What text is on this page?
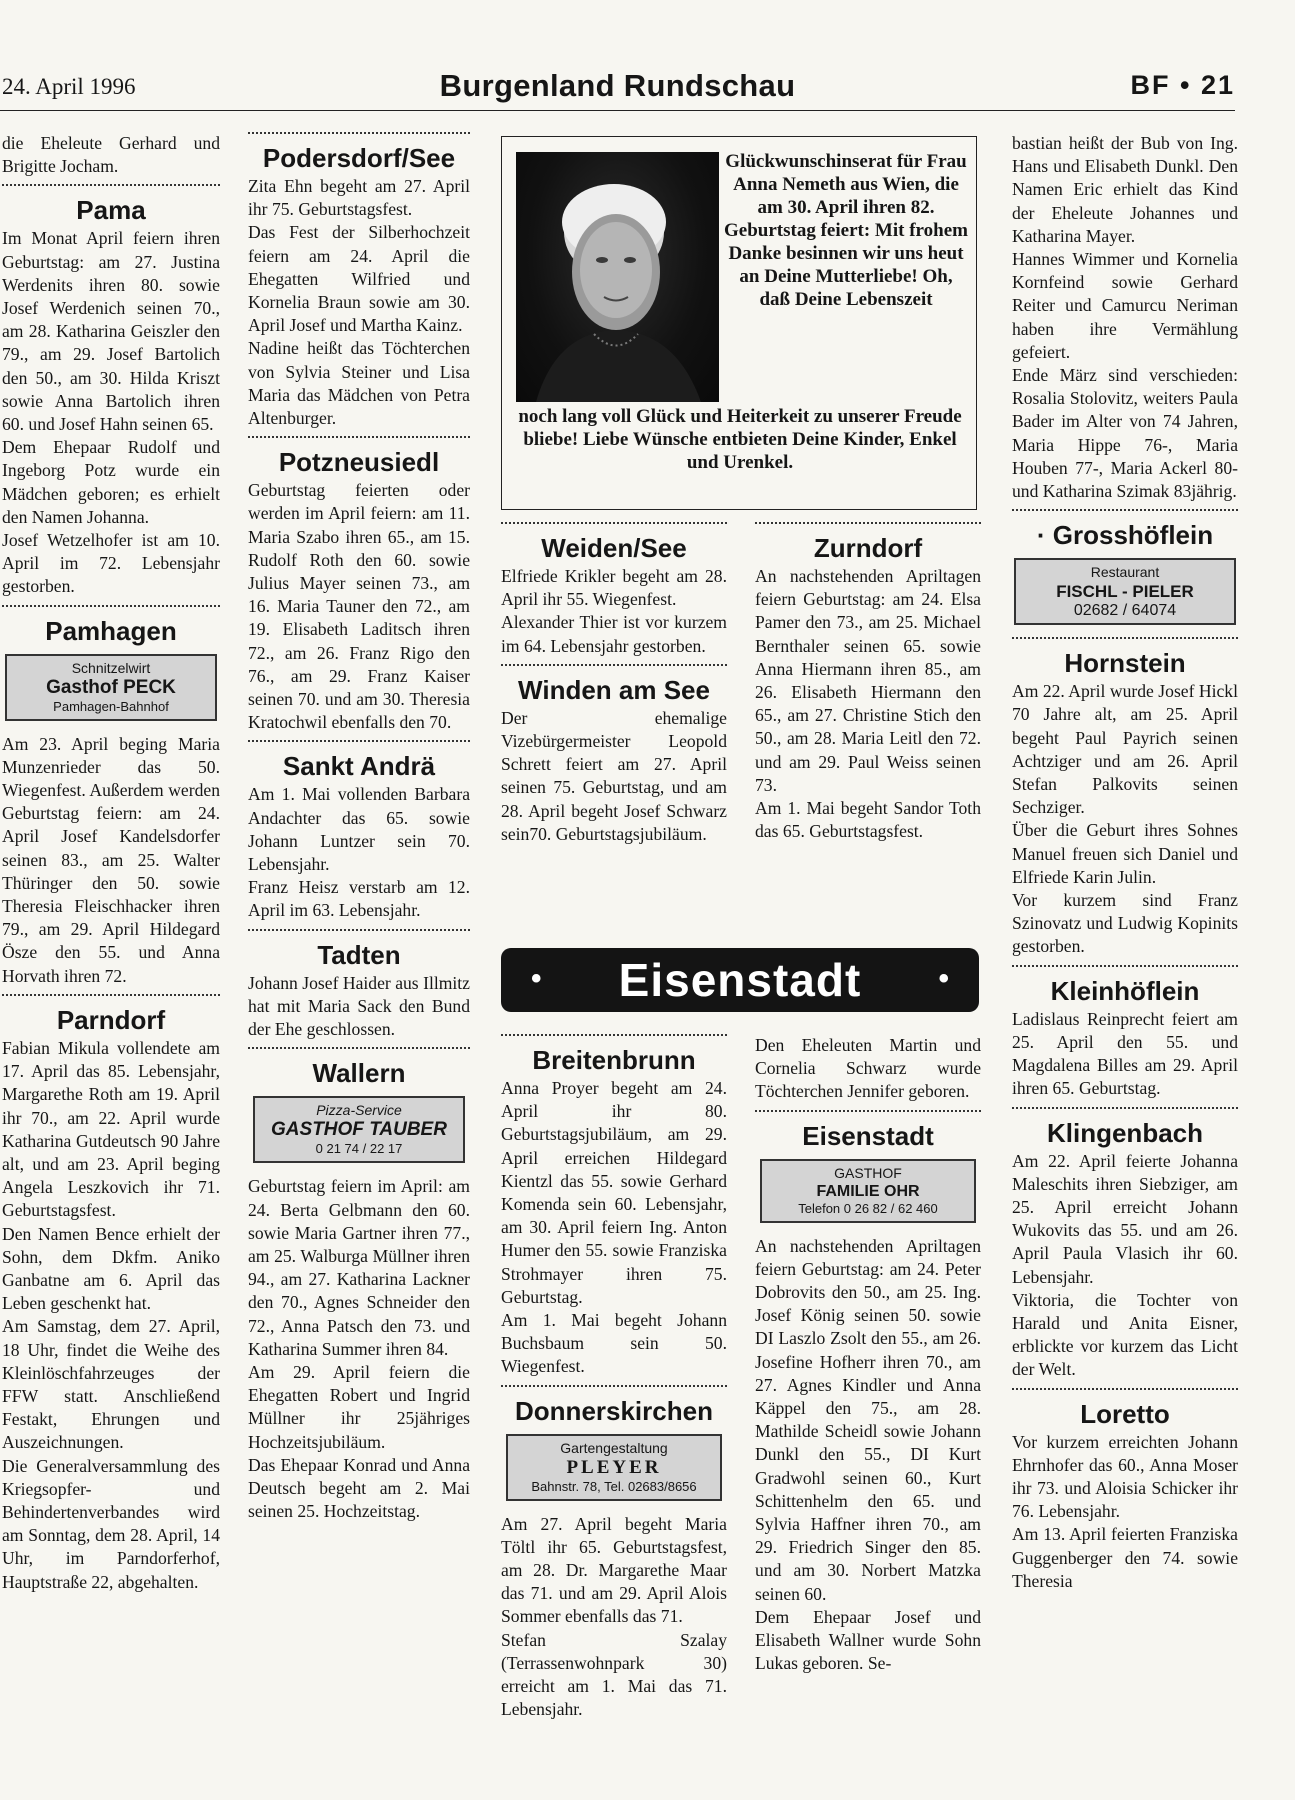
24. April 1996	Burgenland Rundschau	BF • 21

die Eheleute Gerhard und Brigitte Jocham.

Pama

Im Monat April feiern ihren Geburtstag: am 27. Justina Werdenits ihren 80. sowie Josef Werdenich seinen 70., am 28. Katharina Geiszler den 79., am 29. Josef Bartolich den 50., am 30. Hilda Kriszt sowie Anna Bartolich ihren 60. und Josef Hahn seinen 65.

Dem Ehepaar Rudolf und Ingeborg Potz wurde ein Mädchen geboren; es erhielt den Namen Johanna.

Josef Wetzelhofer ist am 10. April im 72. Lebensjahr gestorben.

Pamhagen
Schnitzelwirt
Gasthof PECK
Pamhagen-Bahnhof

Am 23. April beging Maria Munzenrieder das 50. Wiegenfest. Außerdem werden Geburtstag feiern: am 24. April Josef Kandelsdorfer seinen 83., am 25. Walter Thüringer den 50. sowie Theresia Fleischhacker ihren 79., am 29. April Hildegard Ösze den 55. und Anna Horvath ihren 72.

Parndorf

Fabian Mikula vollendete am 17. April das 85. Lebensjahr, Margarethe Roth am 19. April ihr 70., am 22. April wurde Katharina Gutdeutsch 90 Jahre alt, und am 23. April beging Angela Leszkovich ihr 71. Geburtstagsfest.

Den Namen Bence erhielt der Sohn, dem Dkfm. Aniko Ganbatne am 6. April das Leben geschenkt hat.

Am Samstag, dem 27. April, 18 Uhr, findet die Weihe des Kleinlöschfahrzeuges der FFW statt. Anschließend Festakt, Ehrungen und Auszeichnungen.

Die Generalversammlung des Kriegsopfer- und Behindertenverbandes wird am Sonntag, dem 28. April, 14 Uhr, im Parndorferhof, Hauptstraße 22, abgehalten.

Podersdorf/See

Zita Ehn begeht am 27. April ihr 75. Geburtstagsfest.

Das Fest der Silberhochzeit feiern am 24. April die Ehegatten Wilfried und Kornelia Braun sowie am 30. April Josef und Martha Kainz.

Nadine heißt das Töchterchen von Sylvia Steiner und Lisa Maria das Mädchen von Petra Altenburger.

Potzneusiedl

Geburtstag feierten oder werden im April feiern: am 11. Maria Szabo ihren 65., am 15. Rudolf Roth den 60. sowie Julius Mayer seinen 73., am 16. Maria Tauner den 72., am 19. Elisabeth Laditsch ihren 72., am 26. Franz Rigo den 76., am 29. Franz Kaiser seinen 70. und am 30. Theresia Kratochwil ebenfalls den 70.

Sankt Andrä

Am 1. Mai vollenden Barbara Andachter das 65. sowie Johann Luntzer sein 70. Lebensjahr.

Franz Heisz verstarb am 12. April im 63. Lebensjahr.

Tadten

Johann Josef Haider aus Illmitz hat mit Maria Sack den Bund der Ehe geschlossen.

Wallern
Pizza-Service
GASTHOF TAUBER
0 21 74 / 22 17

Geburtstag feiern im April: am 24. Berta Gelbmann den 60. sowie Maria Gartner ihren 77., am 25. Walburga Müllner ihren 94., am 27. Katharina Lackner den 70., Agnes Schneider den 72., Anna Patsch den 73. und Katharina Summer ihren 84.

Am 29. April feiern die Ehegatten Robert und Ingrid Müllner ihr 25jähriges Hochzeitsjubiläum.

Das Ehepaar Konrad und Anna Deutsch begeht am 2. Mai seinen 25. Hochzeitstag.

Glückwunschinserat für Frau Anna Nemeth aus Wien, die am 30. April ihren 82. Geburtstag feiert: Mit frohem Danke besinnen wir uns heut an Deine Mutterliebe! Oh, daß Deine Lebenszeit
noch lang voll Glück und Heiterkeit zu unserer Freude bliebe! Liebe Wünsche entbieten Deine Kinder, Enkel und Urenkel.
Weiden/See

Elfriede Krikler begeht am 28. April ihr 55. Wiegenfest.

Alexander Thier ist vor kurzem im 64. Lebensjahr gestorben.

Winden am See

Der ehemalige Vizebürgermeister Leopold Schrett feiert am 27. April seinen 75. Geburtstag, und am 28. April begeht Josef Schwarz sein70. Geburtstagsjubiläum.

Zurndorf

An nachstehenden Apriltagen feiern Geburtstag: am 24. Elsa Pamer den 73., am 25. Michael Bernthaler seinen 65. sowie Anna Hiermann ihren 85., am 26. Elisabeth Hiermann den 65., am 27. Christine Stich den 50., am 28. Maria Leitl den 72. und am 29. Paul Weiss seinen 73.

Am 1. Mai begeht Sandor Toth das 65. Geburtstagsfest.

•	Eisenstadt	•
Breitenbrunn

Anna Proyer begeht am 24. April ihr 80. Geburtstagsjubiläum, am 29. April erreichen Hildegard Kientzl das 55. sowie Gerhard Komenda sein 60. Lebensjahr, am 30. April feiern Ing. Anton Humer den 55. sowie Franziska Strohmayer ihren 75. Geburtstag.

Am 1. Mai begeht Johann Buchsbaum sein 50. Wiegenfest.

Donnerskirchen
Gartengestaltung
PLEYER
Bahnstr. 78, Tel. 02683/8656

Am 27. April begeht Maria Töltl ihr 65. Geburtstagsfest, am 28. Dr. Margarethe Maar das 71. und am 29. April Alois Sommer ebenfalls das 71.

Stefan Szalay (Terrassenwohnpark 30) erreicht am 1. Mai das 71. Lebensjahr.

Den Eheleuten Martin und Cornelia Schwarz wurde Töchterchen Jennifer geboren.

Eisenstadt
GASTHOF
FAMILIE OHR
Telefon 0 26 82 / 62 460

An nachstehenden Apriltagen feiern Geburtstag: am 24. Peter Dobrovits den 50., am 25. Ing. Josef König seinen 50. sowie DI Laszlo Zsolt den 55., am 26. Josefine Hofherr ihren 70., am 27. Agnes Kindler und Anna Käppel den 75., am 28. Mathilde Scheidl sowie Johann Dunkl den 55., DI Kurt Gradwohl seinen 60., Kurt Schittenhelm den 65. und Sylvia Haffner ihren 70., am 29. Friedrich Singer den 85. und am 30. Norbert Matzka seinen 60.

Dem Ehepaar Josef und Elisabeth Wallner wurde Sohn Lukas geboren. Se-

bastian heißt der Bub von Ing. Hans und Elisabeth Dunkl. Den Namen Eric erhielt das Kind der Eheleute Johannes und Katharina Mayer.

Hannes Wimmer und Kornelia Kornfeind sowie Gerhard Reiter und Camurcu Neriman haben ihre Vermählung gefeiert.

Ende März sind verschieden: Rosalia Stolovitz, weiters Paula Bader im Alter von 74 Jahren, Maria Hippe 76-, Maria Houben 77-, Maria Ackerl 80- und Katharina Szimak 83jährig.

· Grosshöflein
Restaurant
FISCHL - PIELER
02682 / 64074
Hornstein

Am 22. April wurde Josef Hickl 70 Jahre alt, am 25. April begeht Paul Payrich seinen Achtziger und am 26. April Stefan Palkovits seinen Sechziger.

Über die Geburt ihres Sohnes Manuel freuen sich Daniel und Elfriede Karin Julin.

Vor kurzem sind Franz Szinovatz und Ludwig Kopinits gestorben.

Kleinhöflein

Ladislaus Reinprecht feiert am 25. April den 55. und Magdalena Billes am 29. April ihren 65. Geburtstag.

Klingenbach

Am 22. April feierte Johanna Maleschits ihren Siebziger, am 25. April erreicht Johann Wukovits das 55. und am 26. April Paula Vlasich ihr 60. Lebensjahr.

Viktoria, die Tochter von Harald und Anita Eisner, erblickte vor kurzem das Licht der Welt.

Loretto

Vor kurzem erreichten Johann Ehrnhofer das 60., Anna Moser ihr 73. und Aloisia Schicker ihr 76. Lebensjahr.

Am 13. April feierten Franziska Guggenberger den 74. sowie Theresia
